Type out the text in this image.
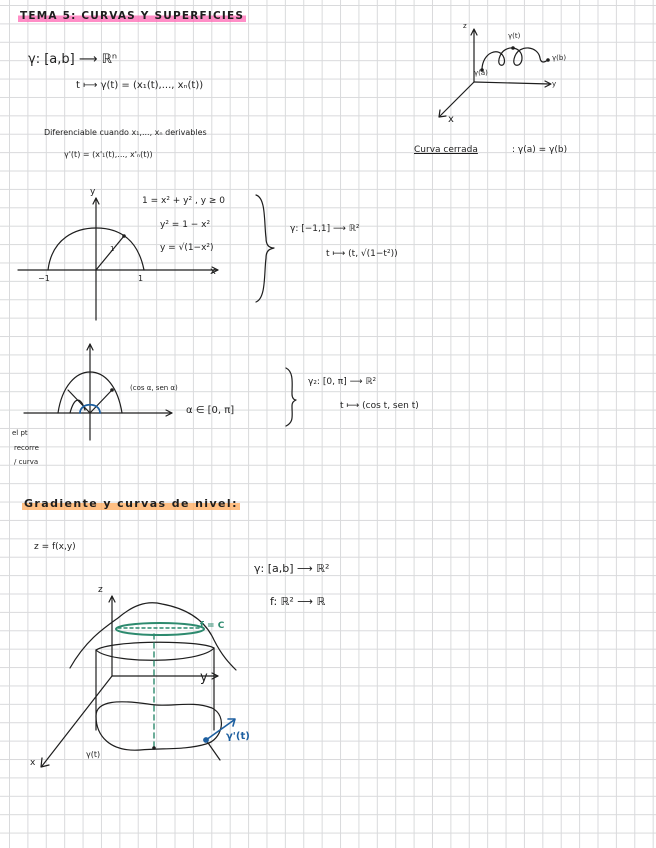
TEMA 5: CURVAS Y SUPERFICIES
γ: [a,b] ⟶ ℝⁿ
t ⟼ γ(t) = (x₁(t),..., xₙ(t))
Diferenciable cuando x₁,..., xₙ derivables
γ'(t) = (x'₁(t),..., x'ₙ(t))	Curva cerrada	: γ(a) = γ(b)
z
y
x
γ(t)
γ(a)
γ(b)
y
x
−1	1
1
1 = x² + y² , y ≥ 0
y² = 1 − x²
y = √(1−x²)
γ: [−1,1] ⟶ ℝ²
t ⟼ (t, √(1−t²))
(cos α, sen α)
α ∈ [0, π]
el pt
recorre
/ curva
γ₂: [0, π] ⟶ ℝ²
t ⟼ (cos t, sen t)
Gradiente y curvas de nivel:
z = f(x,y)
γ: [a,b] ⟶ ℝ²
f: ℝ² ⟶ ℝ
z
y
x
f = C
γ(t)
γ'(t)
